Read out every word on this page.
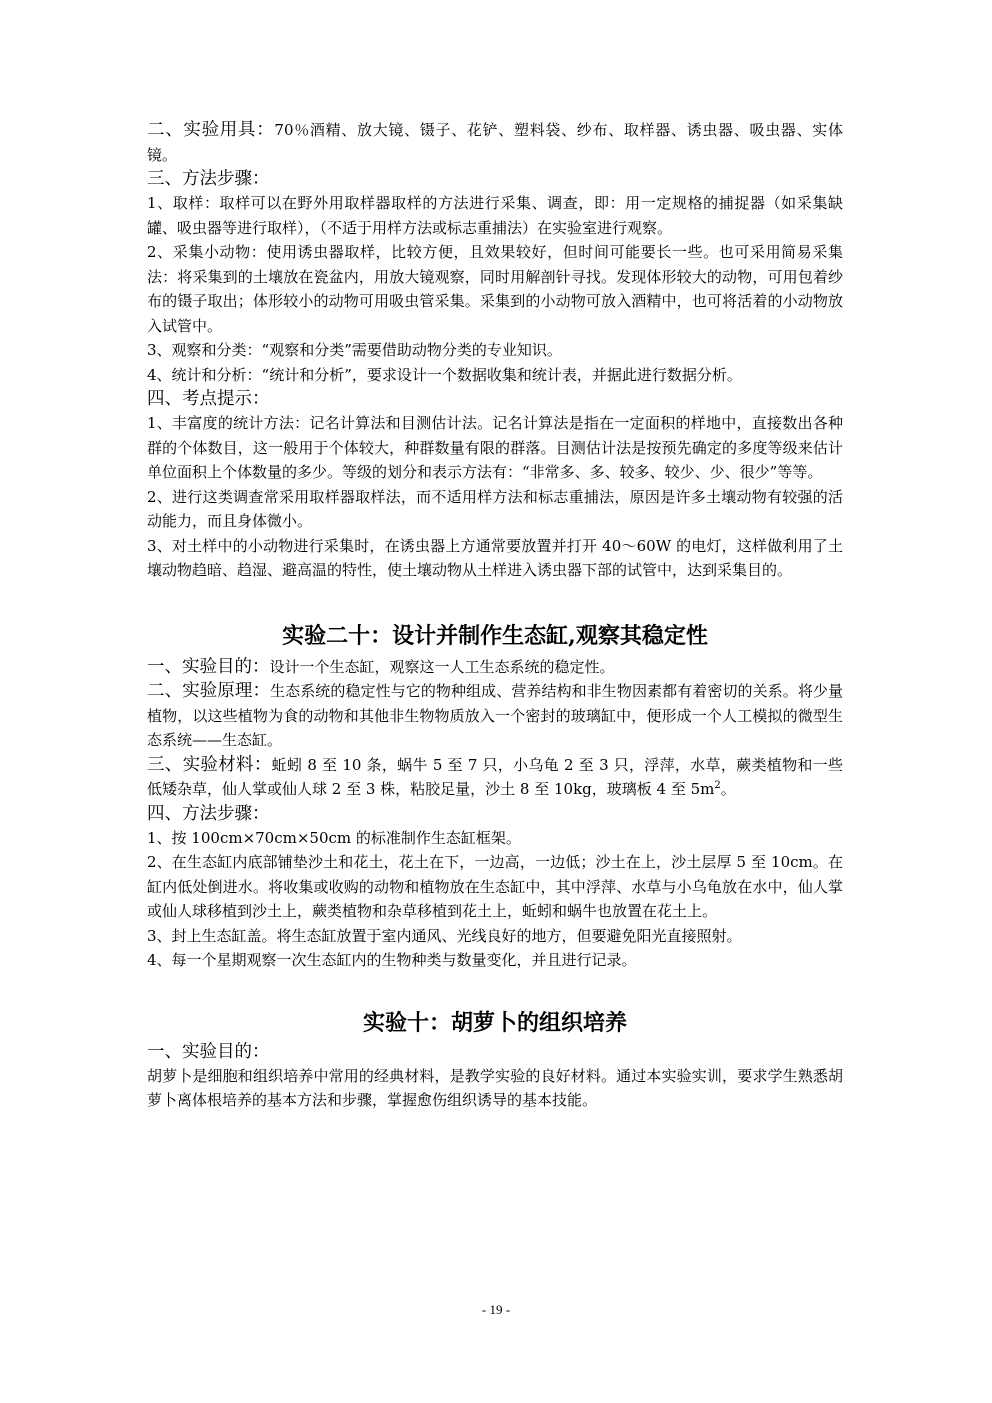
二、实验用具：70％酒精、放大镜、镊子、花铲、塑料袋、纱布、取样器、诱虫器、吸虫器、实体镜。

三、方法步骤：

1、取样：取样可以在野外用取样器取样的方法进行采集、调查，即：用一定规格的捕捉器（如采集缺罐、吸虫器等进行取样），（不适于用样方法或标志重捕法）在实验室进行观察。

2、采集小动物：使用诱虫器取样，比较方便，且效果较好，但时间可能要长一些。也可采用简易采集法：将采集到的土壤放在瓷盆内，用放大镜观察，同时用解剖针寻找。发现体形较大的动物，可用包着纱布的镊子取出；体形较小的动物可用吸虫管采集。采集到的小动物可放入酒精中，也可将活着的小动物放入试管中。

3、观察和分类：“观察和分类”需要借助动物分类的专业知识。

4、统计和分析：“统计和分析”，要求设计一个数据收集和统计表，并据此进行数据分析。

四、考点提示：

1、丰富度的统计方法：记名计算法和目测估计法。记名计算法是指在一定面积的样地中，直接数出各种群的个体数目，这一般用于个体较大，种群数量有限的群落。目测估计法是按预先确定的多度等级来估计单位面积上个体数量的多少。等级的划分和表示方法有：“非常多、多、较多、较少、少、很少”等等。

2、进行这类调查常采用取样器取样法，而不适用样方法和标志重捕法，原因是许多土壤动物有较强的活动能力，而且身体微小。

3、对土样中的小动物进行采集时，在诱虫器上方通常要放置并打开 40～60W 的电灯，这样做利用了土壤动物趋暗、趋湿、避高温的特性，使土壤动物从土样进入诱虫器下部的试管中，达到采集目的。

实验二十：设计并制作生态缸,观察其稳定性

一、实验目的：设计一个生态缸，观察这一人工生态系统的稳定性。

二、实验原理：生态系统的稳定性与它的物种组成、营养结构和非生物因素都有着密切的关系。将少量植物，以这些植物为食的动物和其他非生物物质放入一个密封的玻璃缸中，便形成一个人工模拟的微型生态系统——生态缸。

三、实验材料：蚯蚓 8 至 10 条，蜗牛 5 至 7 只，小乌龟 2 至 3 只，浮萍，水草，蕨类植物和一些低矮杂草，仙人掌或仙人球 2 至 3 株，粘胶足量，沙土 8 至 10kg，玻璃板 4 至 $5m^2$。

四、方法步骤：

1、按 100cm×70cm×50cm 的标准制作生态缸框架。

2、在生态缸内底部铺垫沙土和花土，花土在下，一边高，一边低；沙土在上，沙土层厚 5 至 10cm。在缸内低处倒进水。将收集或收购的动物和植物放在生态缸中，其中浮萍、水草与小乌龟放在水中，仙人掌或仙人球移植到沙土上，蕨类植物和杂草移植到花土上，蚯蚓和蜗牛也放置在花土上。

3、封上生态缸盖。将生态缸放置于室内通风、光线良好的地方，但要避免阳光直接照射。

4、每一个星期观察一次生态缸内的生物种类与数量变化，并且进行记录。

实验十：胡萝卜的组织培养

一、实验目的：

胡萝卜是细胞和组织培养中常用的经典材料，是教学实验的良好材料。通过本实验实训，要求学生熟悉胡萝卜离体根培养的基本方法和步骤，掌握愈伤组织诱导的基本技能。

- 19 -
